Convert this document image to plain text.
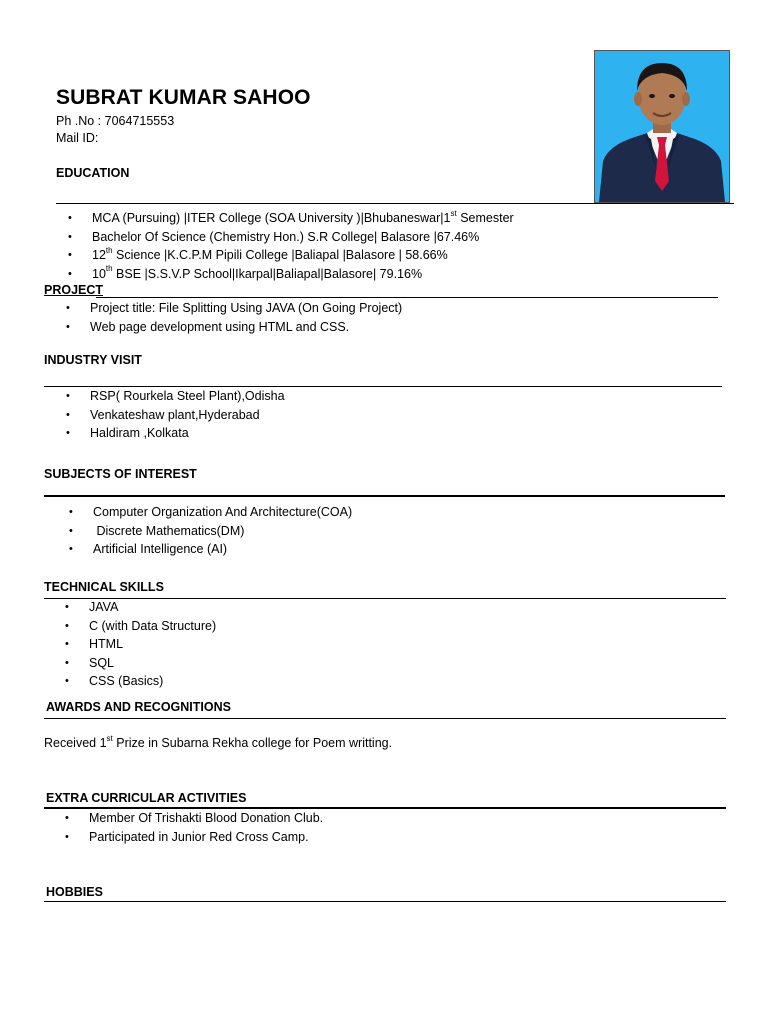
SUBRAT KUMAR SAHOO
Ph .No : 7064715553
Mail ID:
EDUCATION
• MCA (Pursuing) |ITER College (SOA University )|Bhubaneswar|1st Semester
• Bachelor Of Science (Chemistry Hon.) S.R College| Balasore |67.46%
• 12th Science |K.C.P.M Pipili College |Baliapal |Balasore | 58.66%
• 10th BSE |S.S.V.P School|Ikarpal|Baliapal|Balasore| 79.16%
PROJECT
• Project title: File Splitting Using JAVA (On Going Project)
• Web page development using HTML and CSS.
INDUSTRY VISIT
• RSP( Rourkela Steel Plant),Odisha
• Venkateshaw plant,Hyderabad
• Haldiram ,Kolkata
SUBJECTS OF INTEREST
• Computer Organization And Architecture(COA)
• Discrete Mathematics(DM)
• Artificial Intelligence (AI)
TECHNICAL SKILLS
• JAVA
• C (with Data Structure)
• HTML
• SQL
• CSS (Basics)
AWARDS AND RECOGNITIONS
Received 1st Prize in Subarna Rekha college for Poem writting.
EXTRA CURRICULAR ACTIVITIES
• Member Of Trishakti Blood Donation Club.
• Participated in Junior Red Cross Camp.
HOBBIES
